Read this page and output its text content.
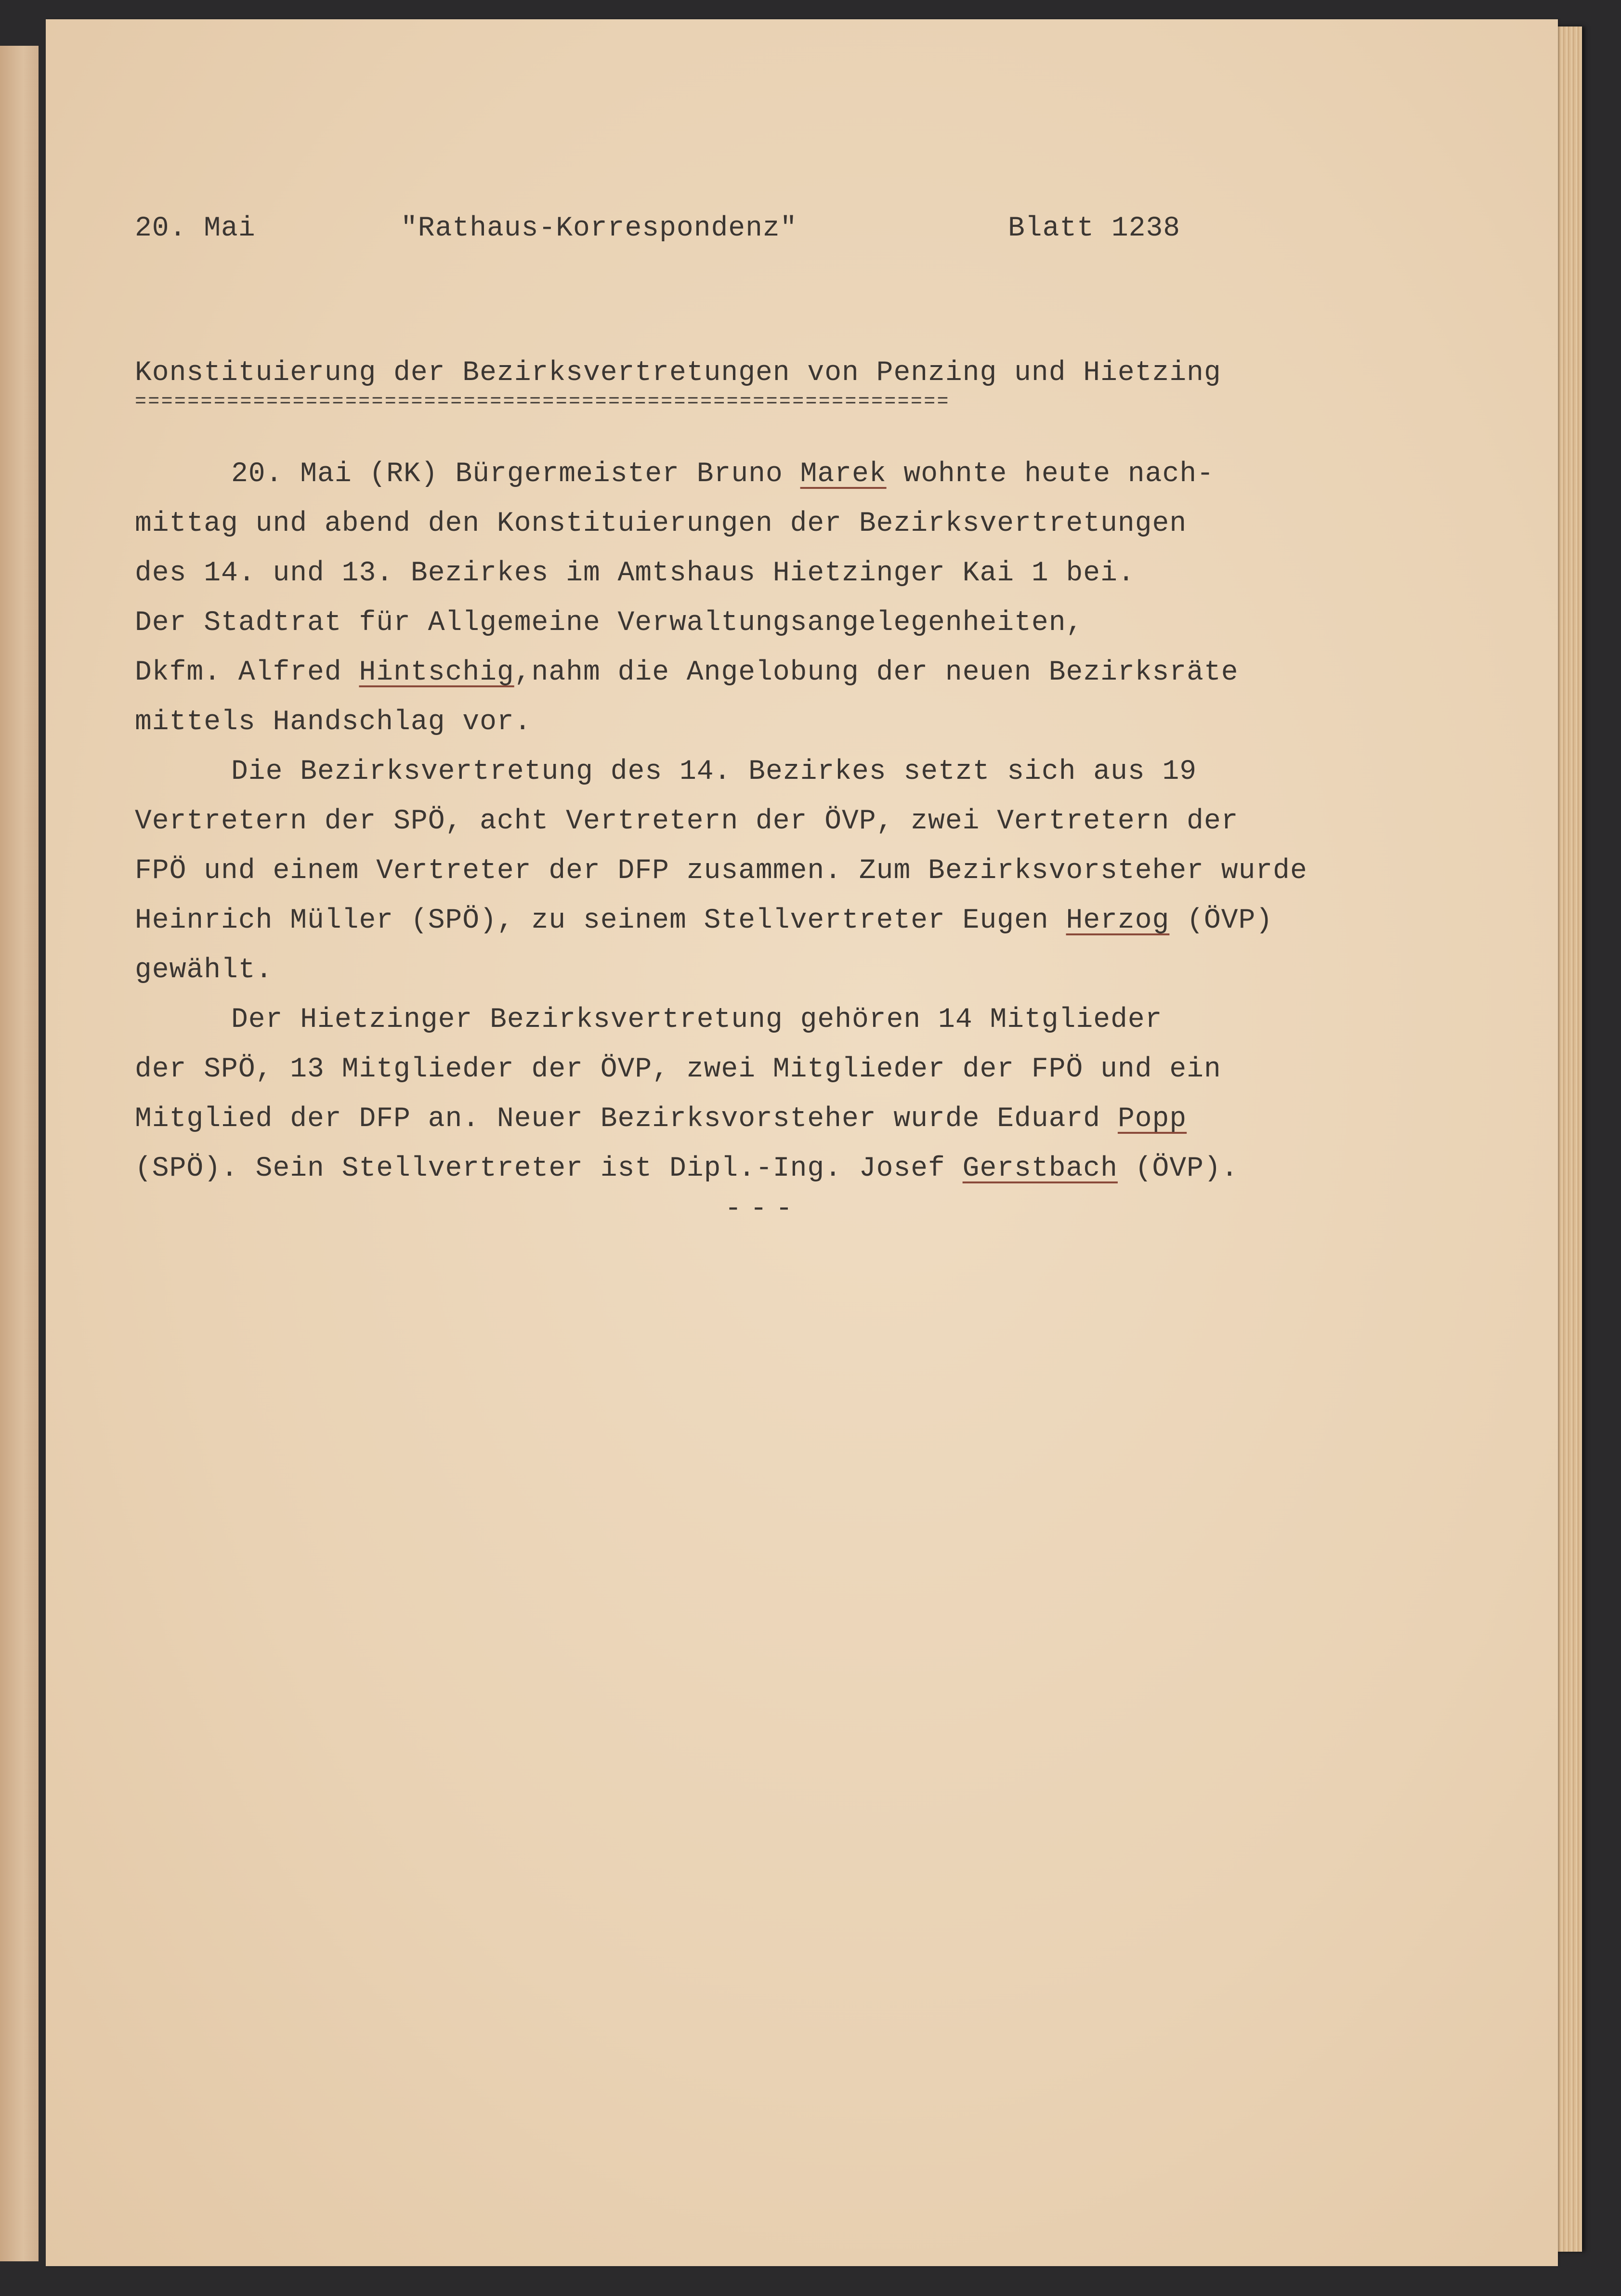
20. Mai	"Rathaus-Korrespondenz"	Blatt 1238
Konstituierung der Bezirksvertretungen von Penzing und Hietzing
==============================================================
20. Mai (RK) Bürgermeister Bruno Marek wohnte heute nach-
mittag und abend den Konstituierungen der Bezirksvertretungen
des 14. und 13. Bezirkes im Amtshaus Hietzinger Kai 1 bei.
Der Stadtrat für Allgemeine Verwaltungsangelegenheiten,
Dkfm. Alfred Hintschig,nahm die Angelobung der neuen Bezirksräte
mittels Handschlag vor.
Die Bezirksvertretung des 14. Bezirkes setzt sich aus 19
Vertretern der SPÖ, acht Vertretern der ÖVP, zwei Vertretern der
FPÖ und einem Vertreter der DFP zusammen. Zum Bezirksvorsteher wurde
Heinrich Müller (SPÖ), zu seinem Stellvertreter Eugen Herzog (ÖVP)
gewählt.
Der Hietzinger Bezirksvertretung gehören 14 Mitglieder
der SPÖ, 13 Mitglieder der ÖVP, zwei Mitglieder der FPÖ und ein
Mitglied der DFP an. Neuer Bezirksvorsteher wurde Eduard Popp
(SPÖ). Sein Stellvertreter ist Dipl.-Ing. Josef Gerstbach (ÖVP).
---
